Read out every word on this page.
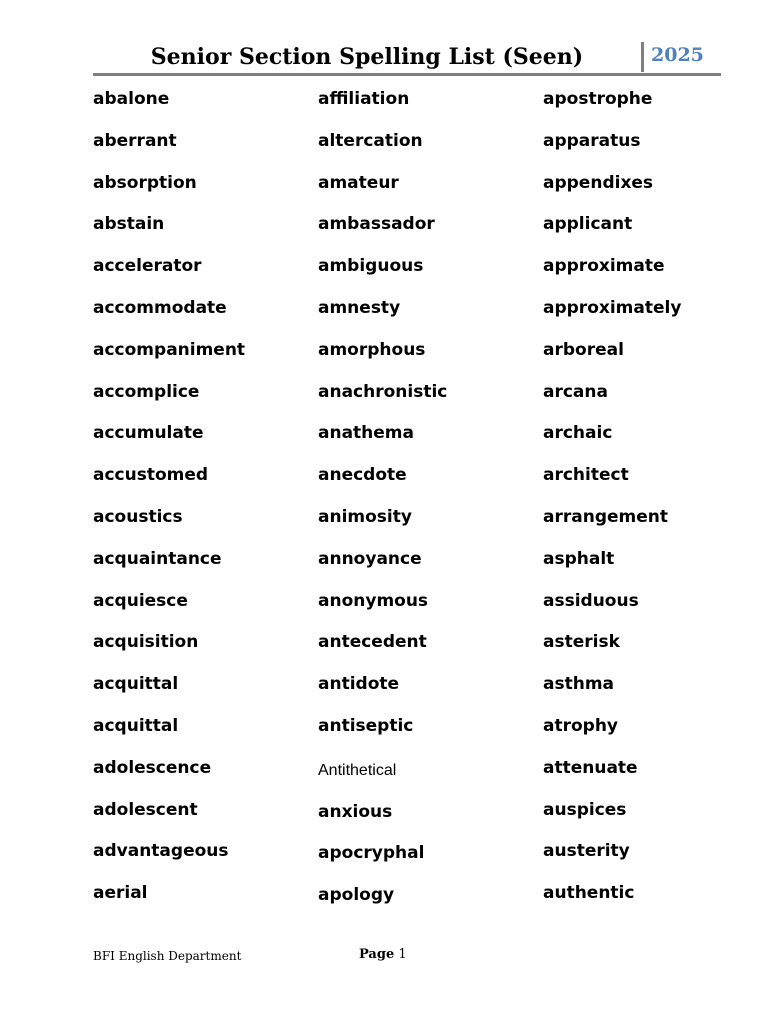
Senior Section Spelling List (Seen)	2025
abalone
aberrant
absorption
abstain
accelerator
accommodate
accompaniment
accomplice
accumulate
accustomed
acoustics
acquaintance
acquiesce
acquisition
acquittal
acquittal
adolescence
adolescent
advantageous
aerial
affiliation
altercation
amateur
ambassador
ambiguous
amnesty
amorphous
anachronistic
anathema
anecdote
animosity
annoyance
anonymous
antecedent
antidote
antiseptic
Antithetical
anxious
apocryphal
apology
apostrophe
apparatus
appendixes
applicant
approximate
approximately
arboreal
arcana
archaic
architect
arrangement
asphalt
assiduous
asterisk
asthma
atrophy
attenuate
auspices
austerity
authentic
BFI English Department	Page 1
